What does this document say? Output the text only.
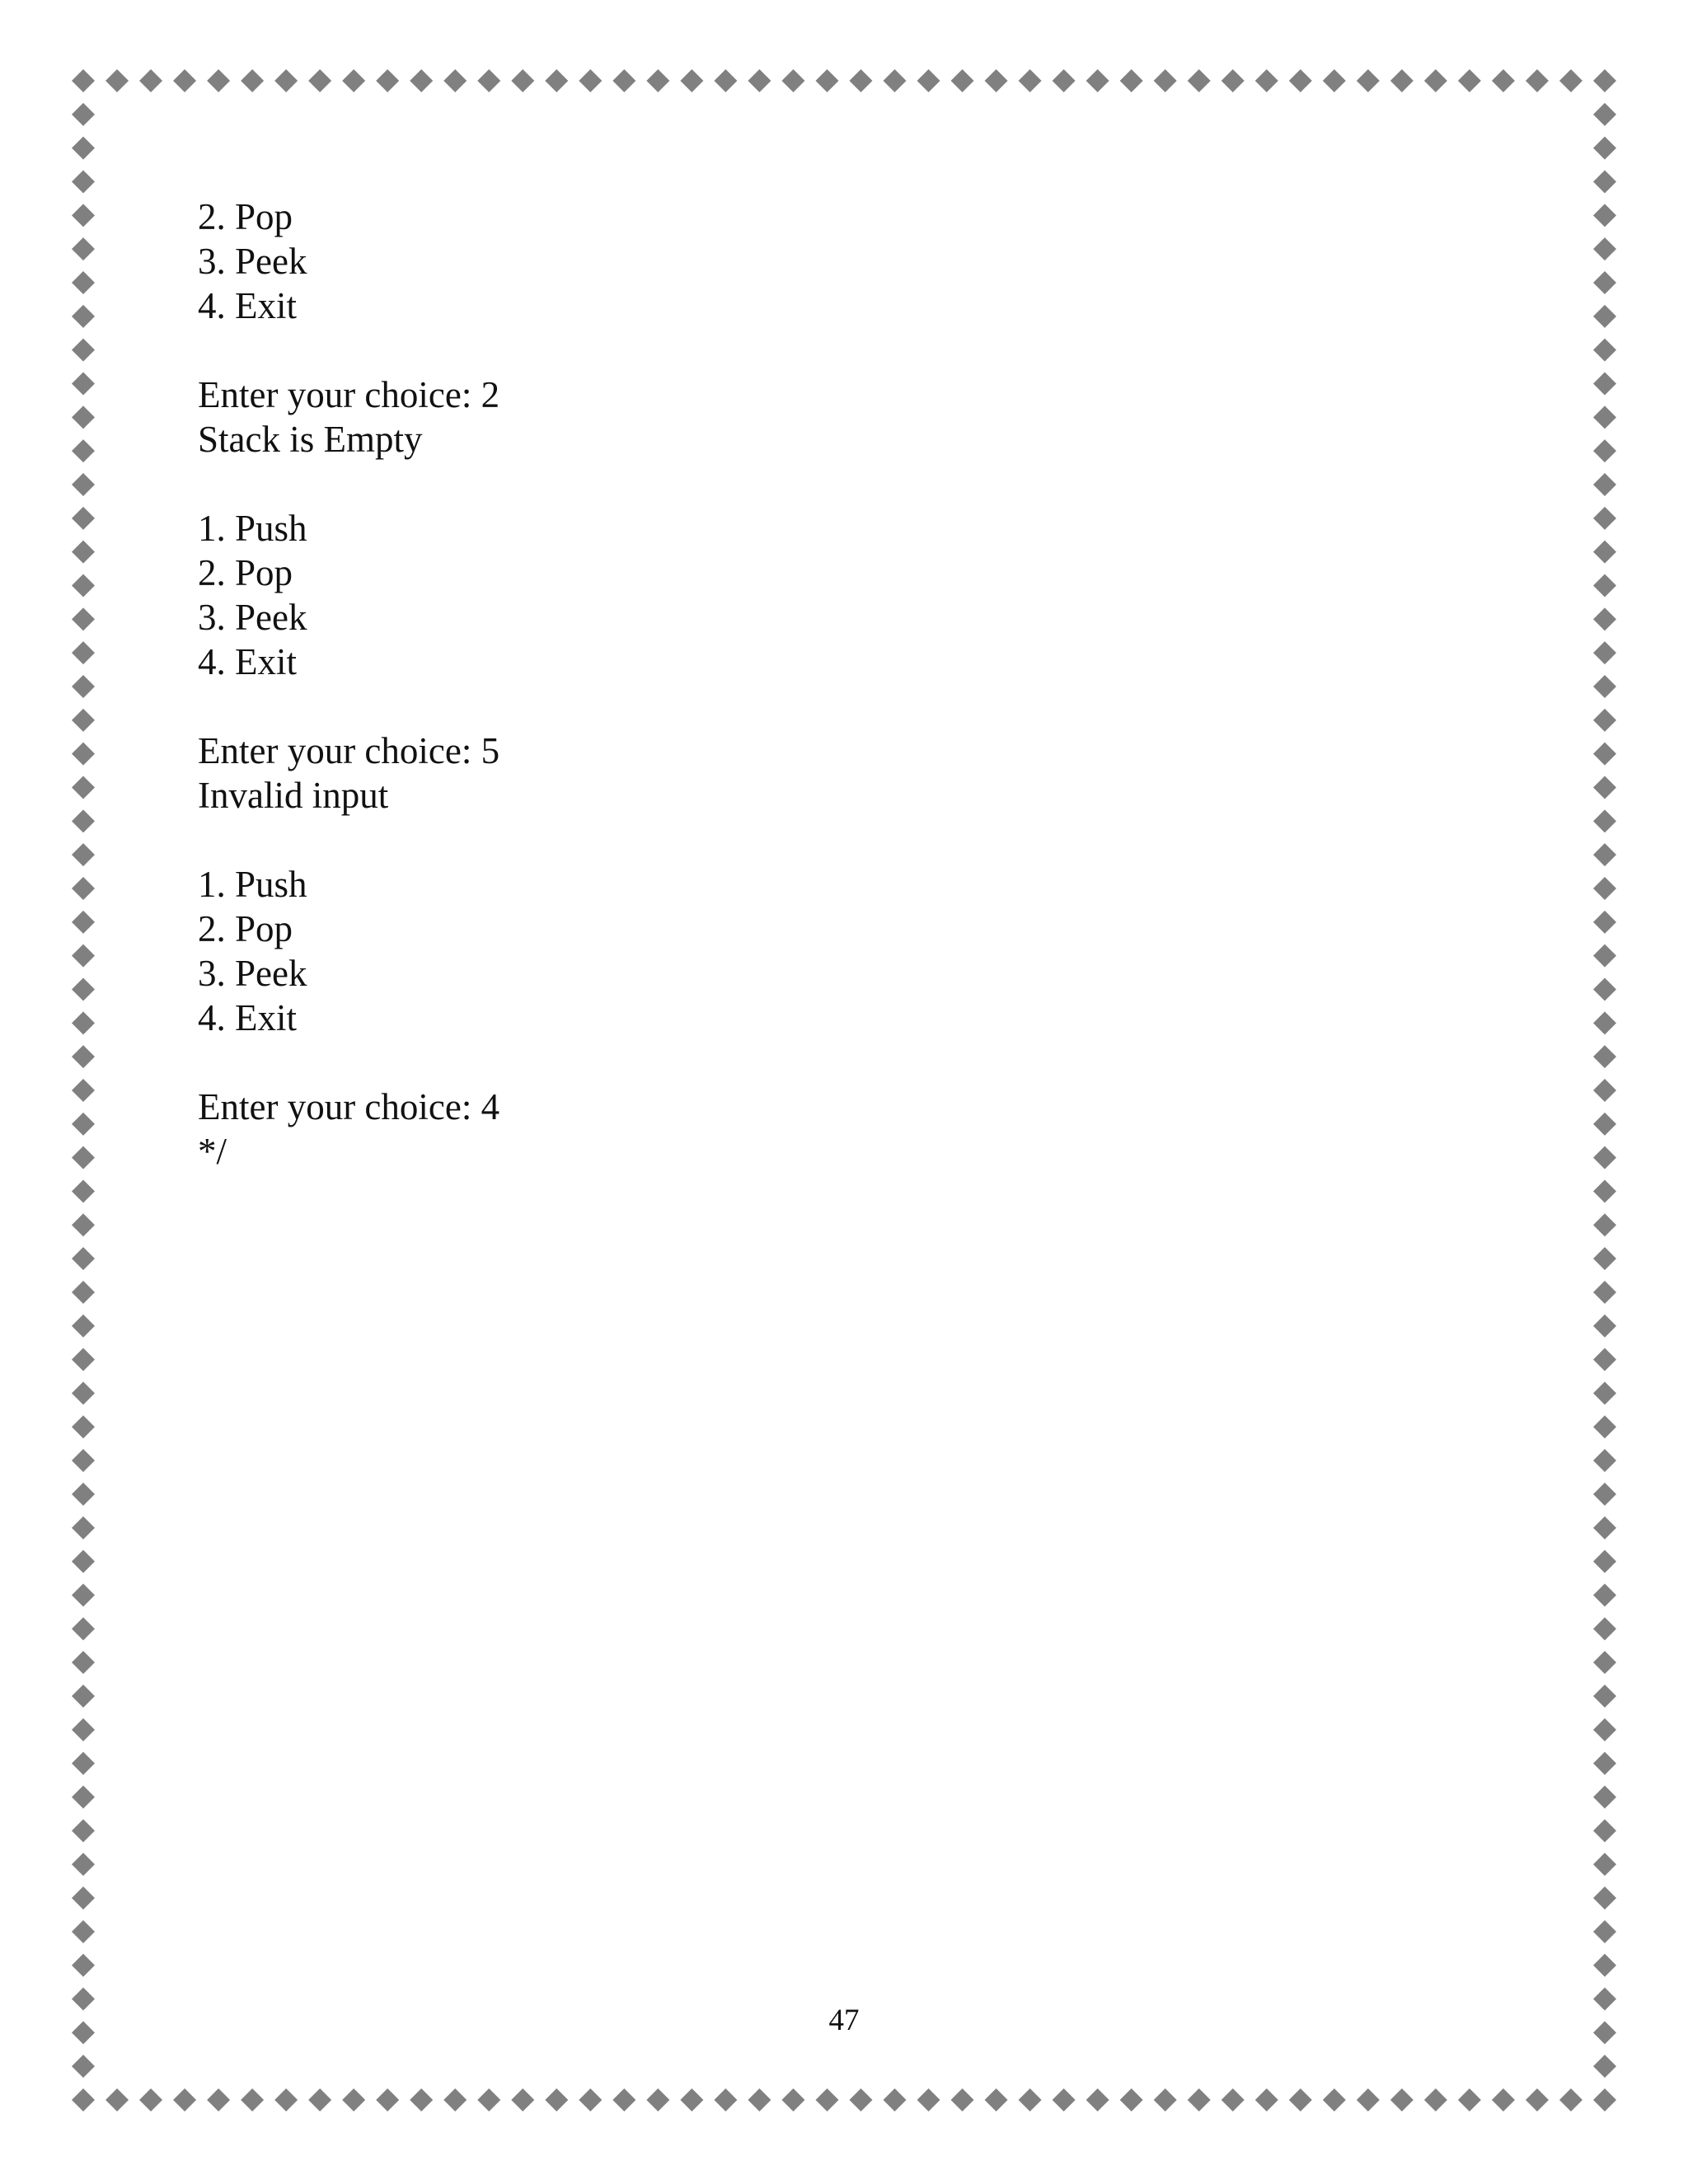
2. Pop
3. Peek
4. Exit
Enter your choice: 2
Stack is Empty
1. Push
2. Pop
3. Peek
4. Exit
Enter your choice: 5
Invalid input
1. Push
2. Pop
3. Peek
4. Exit
Enter your choice: 4
*/
47
